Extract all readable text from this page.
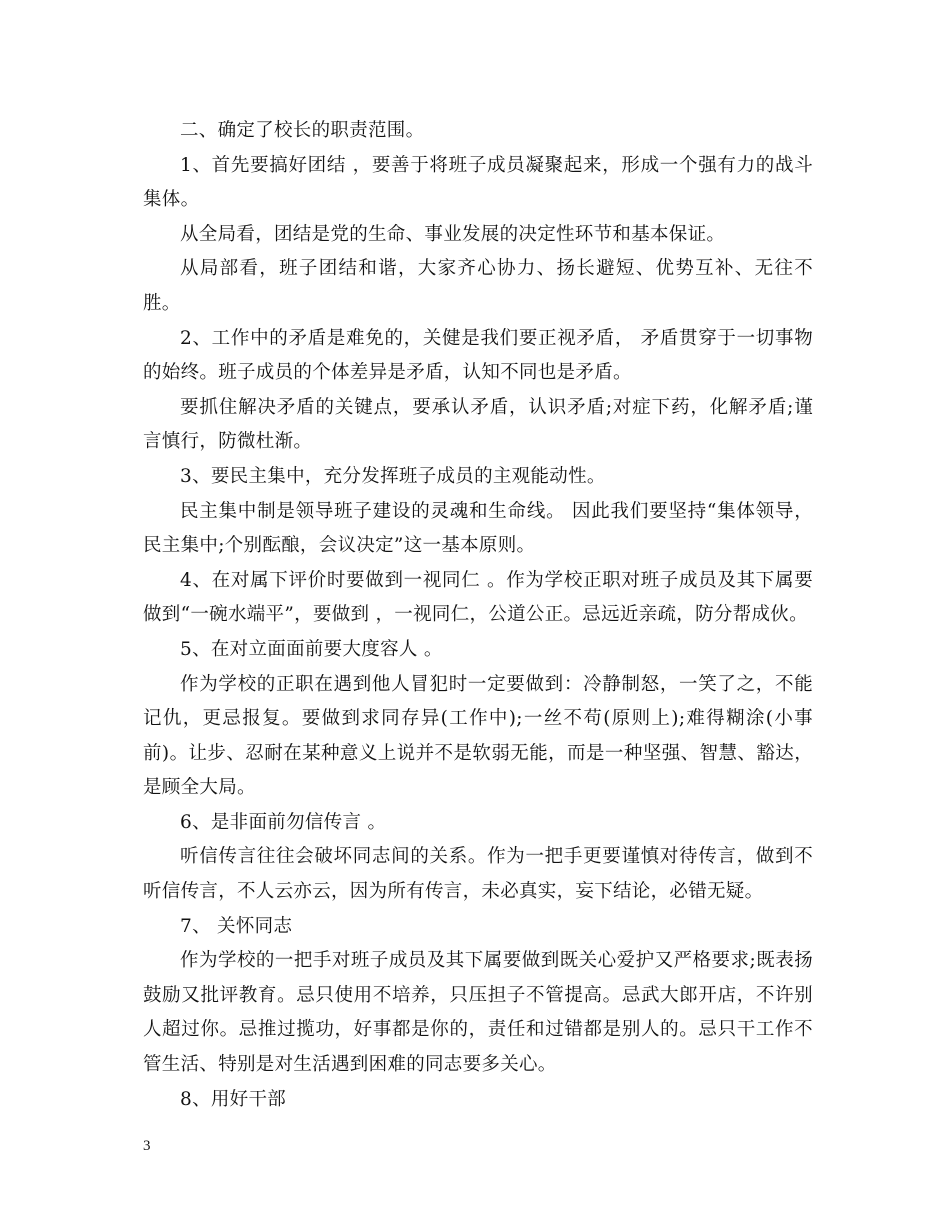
二、确定了校长的职责范围。

1、首先要搞好团结 ，要善于将班子成员凝聚起来，形成一个强有力的战斗集体。

从全局看，团结是党的生命、事业发展的决定性环节和基本保证。

从局部看，班子团结和谐，大家齐心协力、扬长避短、优势互补、无往不胜。

2、工作中的矛盾是难免的，关健是我们要正视矛盾， 矛盾贯穿于一切事物的始终。班子成员的个体差异是矛盾，认知不同也是矛盾。

要抓住解决矛盾的关键点，要承认矛盾，认识矛盾;对症下药，化解矛盾;谨言慎行，防微杜渐。

3、要民主集中，充分发挥班子成员的主观能动性。

民主集中制是领导班子建设的灵魂和生命线。 因此我们要坚持“集体领导，民主集中;个别酝酿，会议决定”这一基本原则。

4、在对属下评价时要做到一视同仁 。作为学校正职对班子成员及其下属要做到“一碗水端平”，要做到 ，一视同仁，公道公正。忌远近亲疏，防分帮成伙。

5、在对立面面前要大度容人 。

作为学校的正职在遇到他人冒犯时一定要做到：冷静制怒，一笑了之，不能记仇，更忌报复。要做到求同存异(工作中);一丝不苟(原则上);难得糊涂(小事前)。让步、忍耐在某种意义上说并不是软弱无能，而是一种坚强、智慧、豁达，是顾全大局。

6、是非面前勿信传言 。

听信传言往往会破坏同志间的关系。作为一把手更要谨慎对待传言，做到不听信传言，不人云亦云，因为所有传言，未必真实，妄下结论，必错无疑。

7、 关怀同志

作为学校的一把手对班子成员及其下属要做到既关心爱护又严格要求;既表扬鼓励又批评教育。忌只使用不培养，只压担子不管提高。忌武大郎开店，不许别人超过你。忌推过揽功，好事都是你的，责任和过错都是别人的。忌只干工作不管生活、特别是对生活遇到困难的同志要多关心。

8、用好干部

3
